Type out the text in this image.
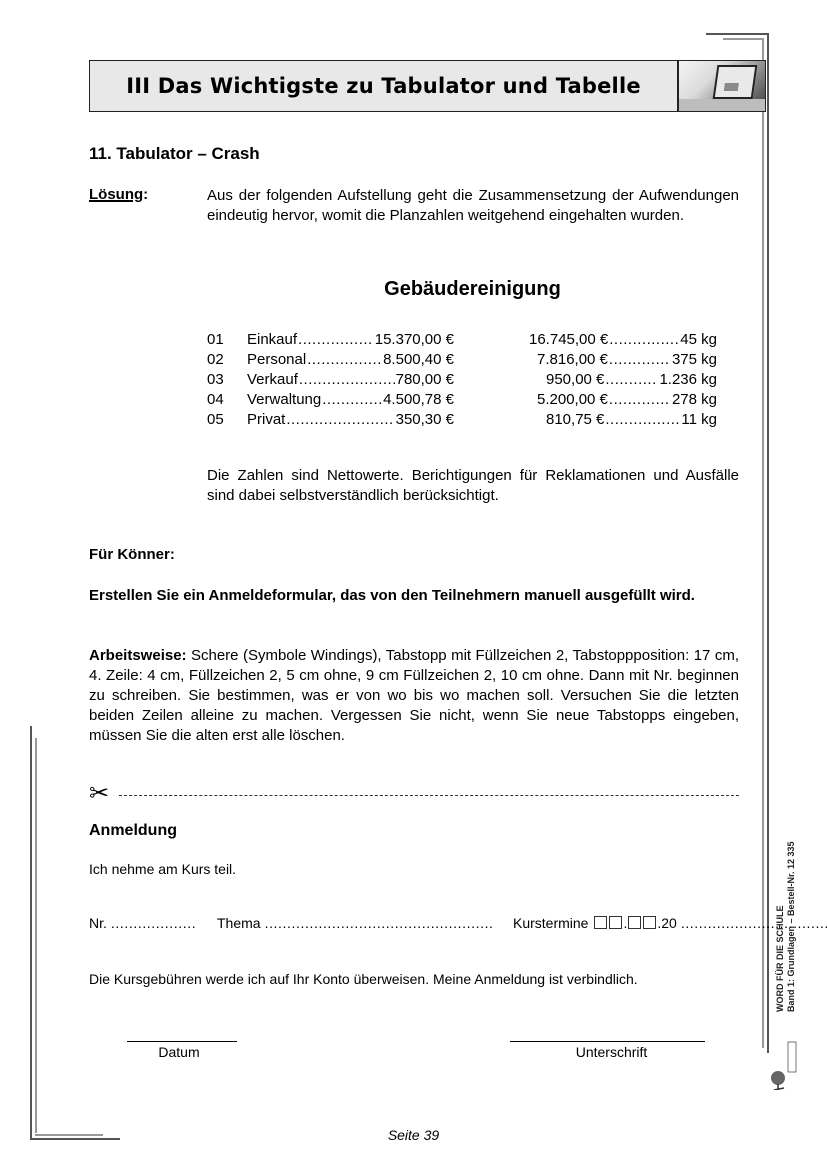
III Das Wichtigste zu Tabulator und Tabelle
11. Tabulator – Crash
Lösung:	Aus der folgenden Aufstellung geht die Zusammensetzung der Aufwendungen eindeutig hervor, womit die Planzahlen weitgehend eingehalten wurden.
Gebäudereinigung
01 Einkauf .....	15.370,00 €	16.745,00 € .....	45 kg
02 Personal .....	8.500,40 €	7.816,00 € .....	375 kg
03 Verkauf .....	780,00 €	950,00 € .....	1.236 kg
04 Verwaltung .....	4.500,78 €	5.200,00 € .....	278 kg
05 Privat .....	350,30 €	810,75 € .....	11 kg
Die Zahlen sind Nettowerte. Berichtigungen für Reklamationen und Ausfälle sind dabei selbstverständlich berücksichtigt.
Für Könner:
Erstellen Sie ein Anmeldeformular, das von den Teilnehmern manuell ausgefüllt wird.
Arbeitsweise: Schere (Symbole Windings), Tabstopp mit Füllzeichen 2, Tabstoppposition: 17 cm, 4. Zeile: 4 cm, Füllzeichen 2, 5 cm ohne, 9 cm Füllzeichen 2, 10 cm ohne. Dann mit Nr. beginnen zu schreiben. Sie bestimmen, was er von wo bis wo machen soll. Versuchen Sie die letzten beiden Zeilen alleine zu machen. Vergessen Sie nicht, wenn Sie neue Tabstopps eingeben, müssen Sie die alten erst alle löschen.
✂
Anmeldung
Ich nehme am Kurs teil.
Nr. .....	Thema .....	Kurstermine	. .20
.....
Die Kursgebühren werde ich auf Ihr Konto überweisen. Meine Anmeldung ist verbindlich.
Datum	Unterschrift
WORD FÜR DIE SCHULE Band 1: Grundlagen – Bestell-Nr. 12 335
Seite 39
